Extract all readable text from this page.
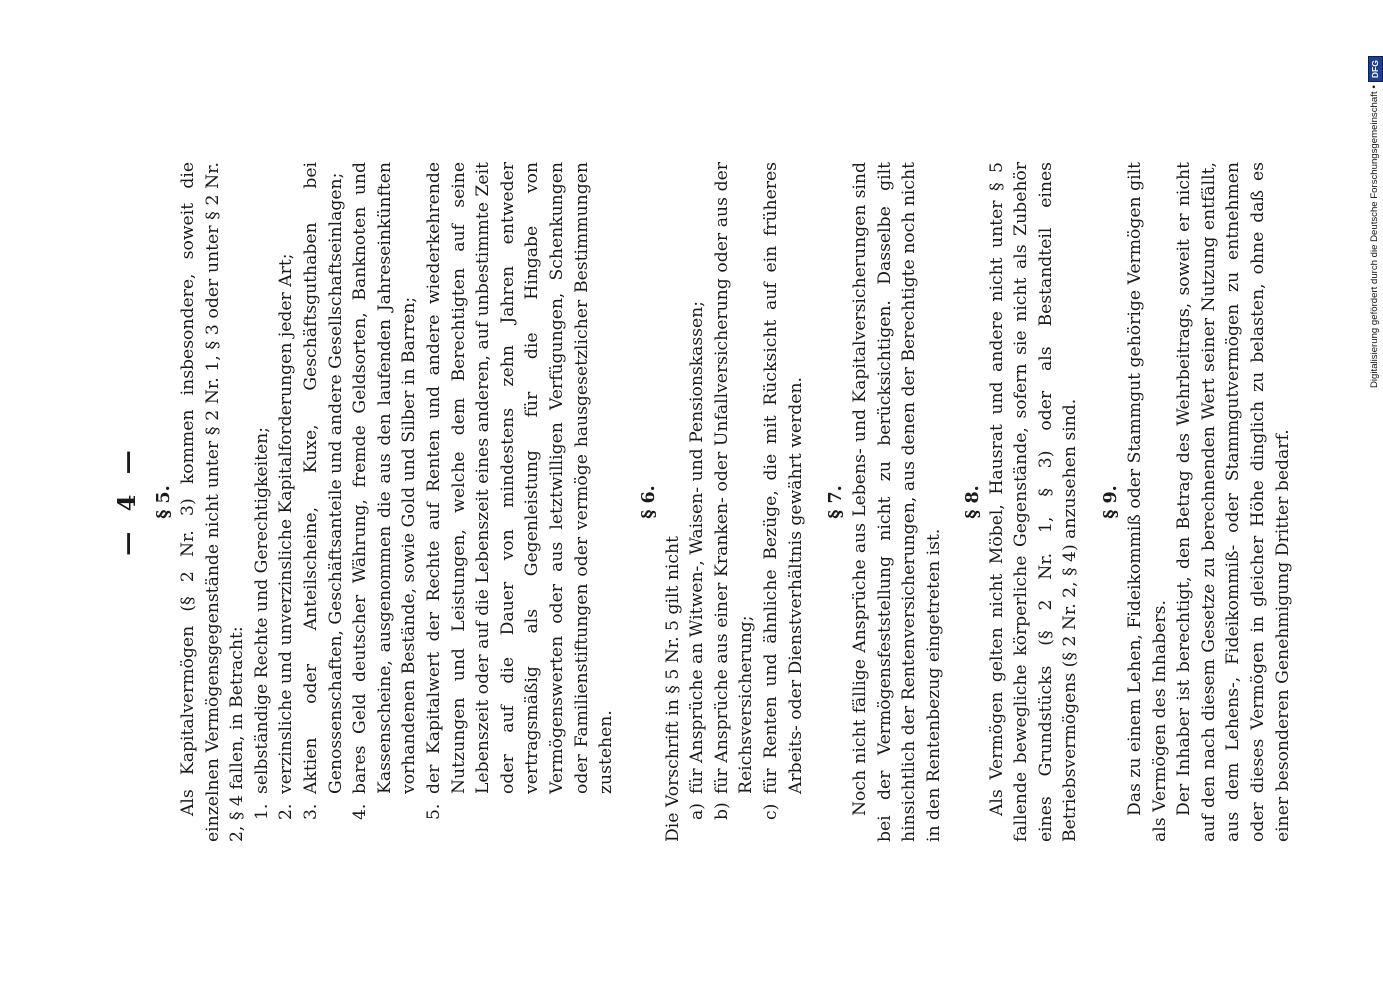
— 4 — § 5. Als Kapitalvermögen (§ 2 Nr. 3) kommen insbesondere, soweit die einzelnen Vermögensgegenstände nicht unter § 2 Nr. 1, § 3 oder unter § 2 Nr. 2, § 4 fallen, in Betracht: 1.
selbständige Rechte und Gerechtigkeiten;
2.
verzinsliche und unverzinsliche Kapitalforderungen jeder Art;
3.
Aktien oder Anteilscheine, Kuxe, Geschäftsguthaben bei Genossenschaften, Geschäftsanteile und andere Gesellschaftseinlagen;
4.
bares Geld deutscher Währung, fremde Geldsorten, Banknoten und Kassenscheine, ausgenommen die aus den laufenden Jahreseinkünften vorhandenen Bestände, sowie Gold und Silber in Barren;
5.
der Kapitalwert der Rechte auf Renten und andere wiederkehrende Nutzungen und Leistungen, welche dem Berechtigten auf seine Lebenszeit oder auf die Lebenszeit eines anderen, auf unbestimmte Zeit oder auf die Dauer von mindestens zehn Jahren entweder vertragsmäßig als Gegenleistung für die Hingabe von Vermögenswerten oder aus letztwilligen Verfügungen, Schenkungen oder Familienstiftungen oder vermöge hausgesetzlicher Bestimmungen zustehen.
§ 6.

Die Vorschrift in § 5 Nr. 5 gilt nicht a)
für Ansprüche an Witwen-, Waisen- und Pensionskassen;
b)
für Ansprüche aus einer Kranken- oder Unfallversicherung oder aus der Reichsversicherung;
c)
für Renten und ähnliche Bezüge, die mit Rücksicht auf ein früheres Arbeits- oder Dienstverhältnis gewährt werden. § 7. Noch nicht fällige Ansprüche aus Lebens- und Kapitalversicherungen sind bei der Vermögensfeststellung nicht zu berücksichtigen. Dasselbe gilt hinsichtlich der Rentenversicherungen, aus denen der Berechtigte noch nicht in den Rentenbezug eingetreten ist.

§ 8. Als Vermögen gelten nicht Möbel, Hausrat und andere nicht unter § 5 fallende bewegliche körperliche Gegenstände, sofern sie nicht als Zubehör eines Grundstücks (§ 2 Nr. 1, § 3) oder als Bestandteil eines Betriebsvermögens (§ 2 Nr. 2, § 4) anzusehen sind. § 9. Das zu einem Lehen, Fideikommiß oder Stammgut gehörige Vermögen gilt als Vermögen des Inhabers. Der Inhaber ist berechtigt, den Betrag des Wehrbeitrags, soweit er nicht auf den nach diesem Gesetze zu berechnenden Wert seiner Nutzung entfällt, aus dem Lehens-, Fideikommiß- oder Stammgutvermögen zu entnehmen oder dieses Vermögen in gleicher Höhe dinglich zu belasten, ohne daß es einer besonderen Genehmigung Dritter bedarf.

Digitalisierung gefördert durch die Deutsche Forschungsgemeinschaft
•
DFG
